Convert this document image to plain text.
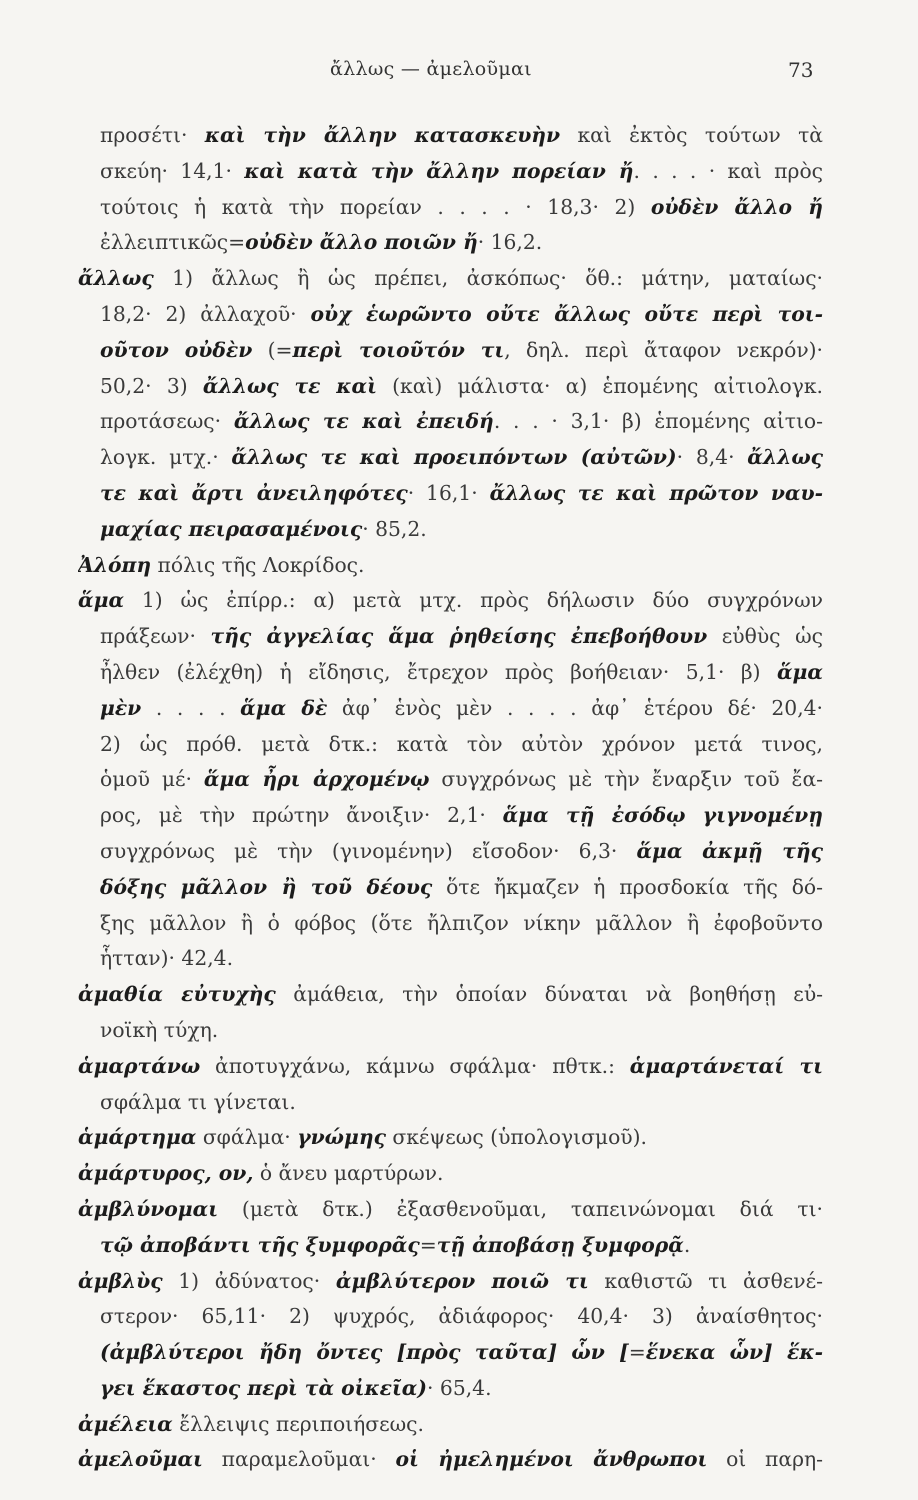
ἄλλως — ἀμελοῦμαι	73
προσέτι· καὶ τὴν ἄλλην κατασκευὴν καὶ ἐκτὸς τούτων τὰ
σκεύη· 14,1· καὶ κατὰ τὴν ἄλλην πορείαν ἤ. . . . · καὶ πρὸς
τούτοις ἡ κατὰ τὴν πορείαν . . . . · 18,3· 2) οὐδὲν ἄλλο ἤ
ἐλλειπτικῶς=οὐδὲν ἄλλο ποιῶν ἤ· 16,2.
ἄλλως 1) ἄλλως ἢ ὡς πρέπει, ἀσκόπως· ὅθ.: μάτην, ματαίως·
18,2· 2) ἀλλαχοῦ· οὐχ ἑωρῶντο οὔτε ἄλλως οὔτε περὶ τοι-
οῦτον οὐδὲν (=περὶ τοιοῦτόν τι, δηλ. περὶ ἄταφον νεκρόν)·
50,2· 3) ἄλλως τε καὶ (καὶ) μάλιστα· α) ἑπομένης αἰτιολογκ.
προτάσεως· ἄλλως τε καὶ ἐπειδή. . . · 3,1· β) ἑπομένης αἰτιο-
λογκ. μτχ.· ἄλλως τε καὶ προειπόντων (αὐτῶν)· 8,4· ἄλλως
τε καὶ ἄρτι ἀνειληφότες· 16,1· ἄλλως τε καὶ πρῶτον ναυ-
μαχίας πειρασαμένοις· 85,2.
Ἀλόπη πόλις τῆς Λοκρίδος.
ἅμα 1) ὡς ἐπίρρ.: α) μετὰ μτχ. πρὸς δήλωσιν δύο συγχρόνων
πράξεων· τῆς ἀγγελίας ἅμα ῥηθείσης ἐπεβοήθουν εὐθὺς ὡς
ἦλθεν (ἐλέχθη) ἡ εἴδησις, ἔτρεχον πρὸς βοήθειαν· 5,1· β) ἅμα
μὲν . . . . ἅμα δὲ ἀφ᾽ ἑνὸς μὲν . . . . ἀφ᾽ ἑτέρου δέ· 20,4·
2) ὡς πρόθ. μετὰ δτκ.: κατὰ τὸν αὐτὸν χρόνον μετά τινος,
ὁμοῦ μέ· ἅμα ἦρι ἀρχομένῳ συγχρόνως μὲ τὴν ἔναρξιν τοῦ ἔα-
ρος, μὲ τὴν πρώτην ἄνοιξιν· 2,1· ἅμα τῇ ἐσόδῳ γιγνομένῃ
συγχρόνως μὲ τὴν (γινομένην) εἴσοδον· 6,3· ἅμα ἀκμῇ τῆς
δόξης μᾶλλον ἢ τοῦ δέους ὅτε ἤκμαζεν ἡ προσδοκία τῆς δό-
ξης μᾶλλον ἢ ὁ φόβος (ὅτε ἤλπιζον νίκην μᾶλλον ἢ ἐφοβοῦντο
ἧτταν)· 42,4.
ἀμαθία εὐτυχὴς ἀμάθεια, τὴν ὁποίαν δύναται νὰ βοηθήσῃ εὐ-
νοϊκὴ τύχη.
ἁμαρτάνω ἀποτυγχάνω, κάμνω σφάλμα· πθτκ.: ἁμαρτάνεταί τι
σφάλμα τι γίνεται.
ἁμάρτημα σφάλμα· γνώμης σκέψεως (ὑπολογισμοῦ).
ἀμάρτυρος, ον, ὁ ἄνευ μαρτύρων.
ἀμβλύνομαι (μετὰ δτκ.) ἐξασθενοῦμαι, ταπεινώνομαι διά τι·
τῷ ἀποβάντι τῆς ξυμφορᾶς=τῇ ἀποβάσῃ ξυμφορᾷ.
ἀμβλὺς 1) ἀδύνατος· ἀμβλύτερον ποιῶ τι καθιστῶ τι ἀσθενέ-
στερον· 65,11· 2) ψυχρός, ἀδιάφορος· 40,4· 3) ἀναίσθητος·
(ἀμβλύτεροι ἤδη ὄντες [πρὸς ταῦτα] ὧν [=ἕνεκα ὧν] ἕκ-
γει ἕκαστος περὶ τὰ οἰκεῖα)· 65,4.
ἀμέλεια ἔλλειψις περιποιήσεως.
ἀμελοῦμαι παραμελοῦμαι· οἱ ἠμελημένοι ἄνθρωποι οἱ παρη-
